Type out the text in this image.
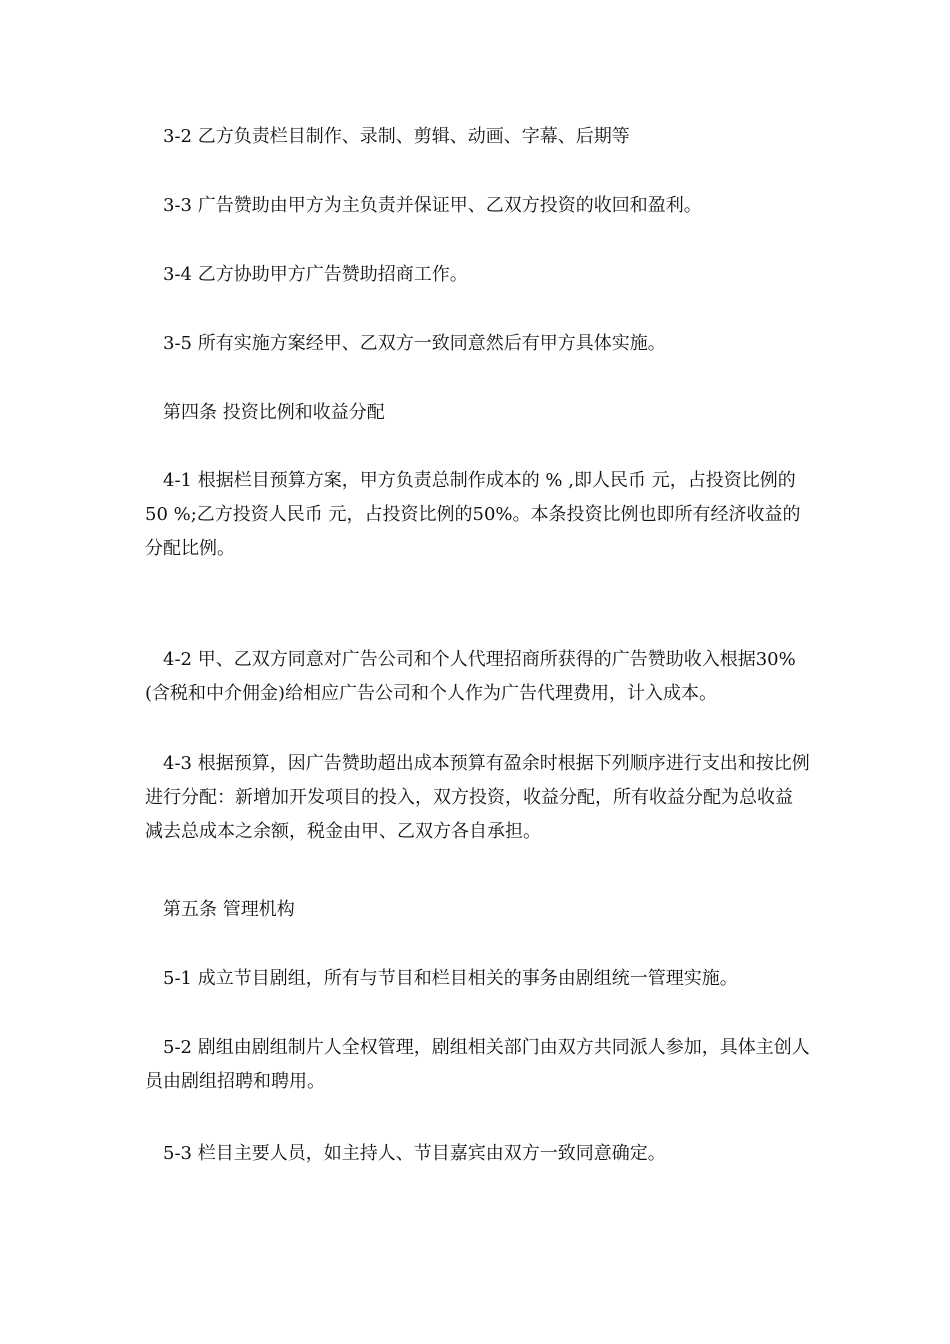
3-2 乙方负责栏目制作、录制、剪辑、动画、字幕、后期等

3-3 广告赞助由甲方为主负责并保证甲、乙双方投资的收回和盈利。

3-4 乙方协助甲方广告赞助招商工作。

3-5 所有实施方案经甲、乙双方一致同意然后有甲方具体实施。

第四条 投资比例和收益分配

4-1 根据栏目预算方案，甲方负责总制作成本的 % ,即人民币 元，占投资比例的 50 %;乙方投资人民币 元，占投资比例的50%。本条投资比例也即所有经济收益的分配比例。

4-2 甲、乙双方同意对广告公司和个人代理招商所获得的广告赞助收入根据30%(含税和中介佣金)给相应广告公司和个人作为广告代理费用，计入成本。

4-3 根据预算，因广告赞助超出成本预算有盈余时根据下列顺序进行支出和按比例进行分配：新增加开发项目的投入，双方投资，收益分配，所有收益分配为总收益减去总成本之余额，税金由甲、乙双方各自承担。

第五条 管理机构

5-1 成立节目剧组，所有与节目和栏目相关的事务由剧组统一管理实施。

5-2 剧组由剧组制片人全权管理，剧组相关部门由双方共同派人参加，具体主创人员由剧组招聘和聘用。

5-3 栏目主要人员，如主持人、节目嘉宾由双方一致同意确定。
